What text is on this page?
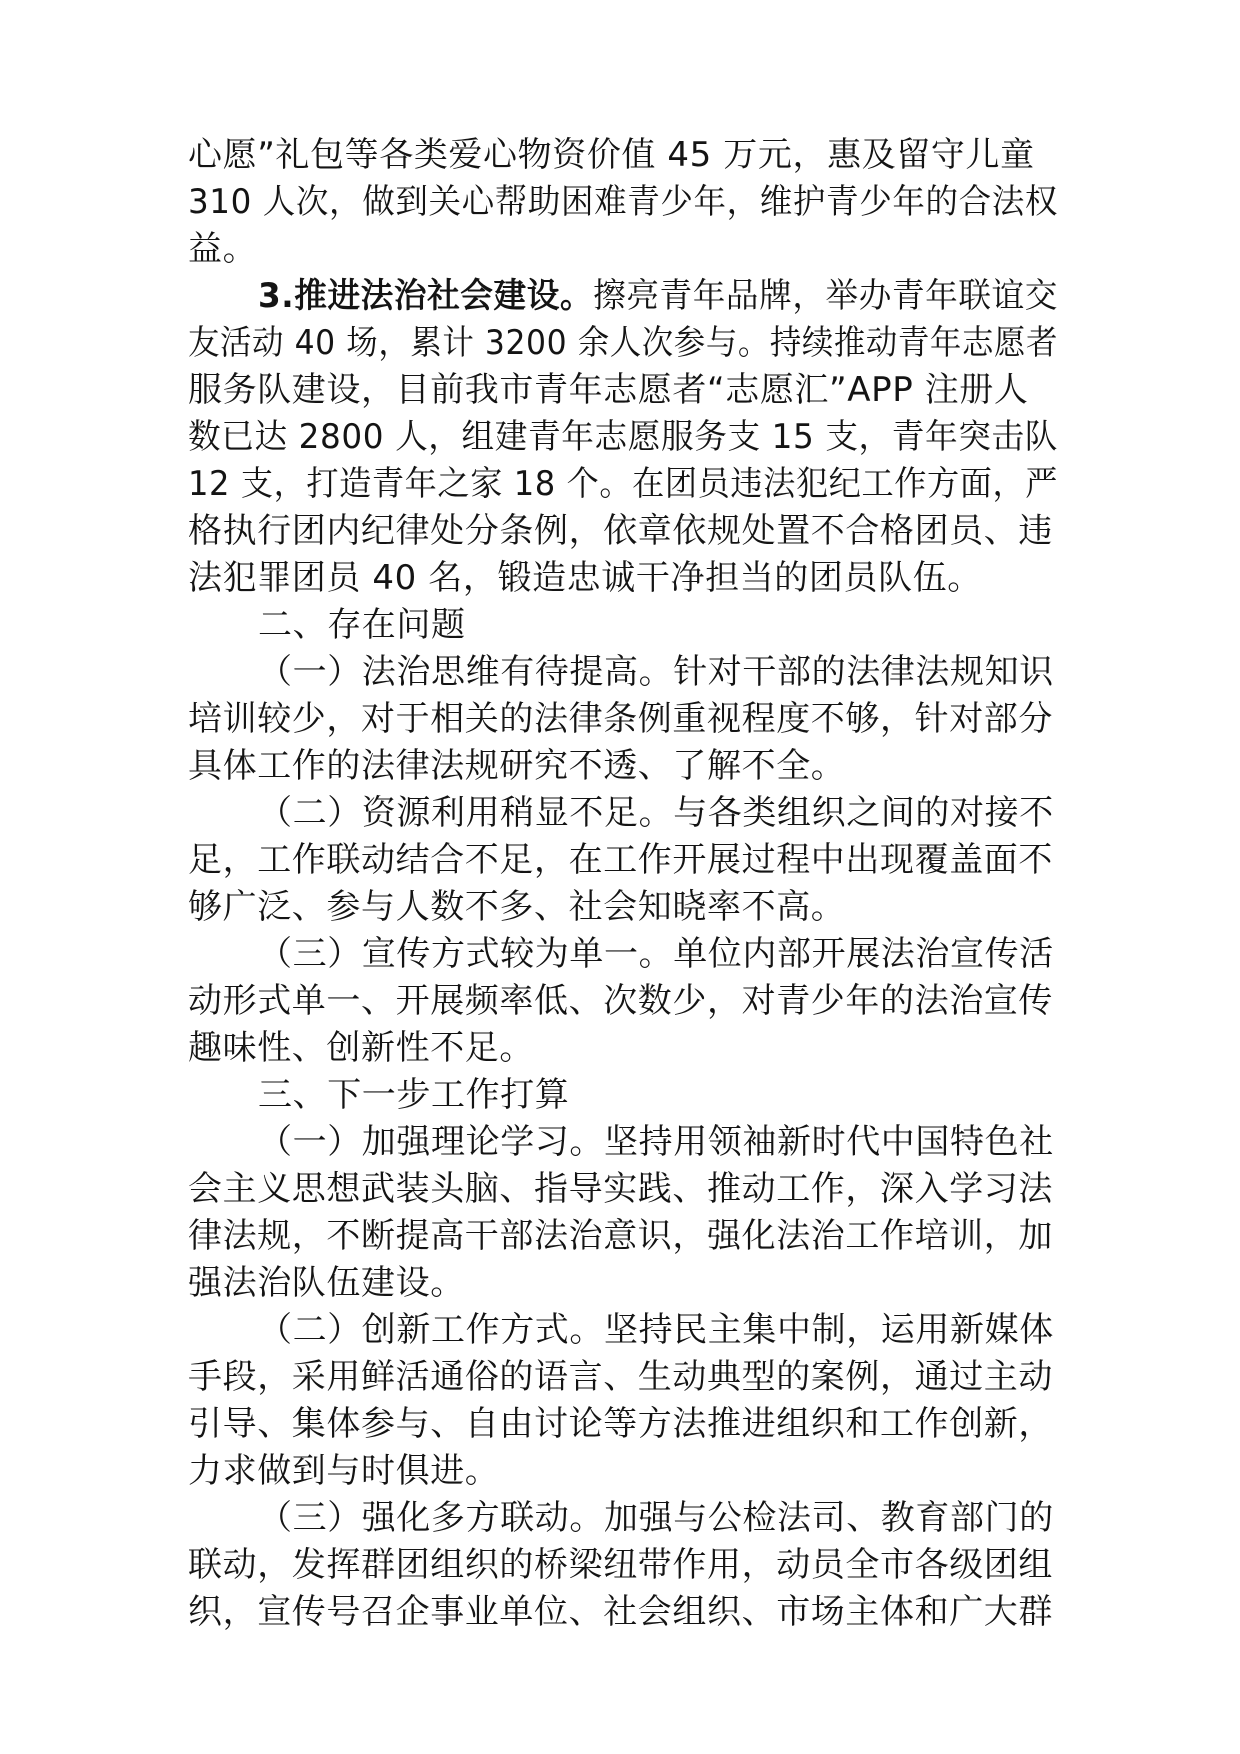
心愿”礼包等各类爱心物资价值 45 万元，惠及留守儿童
310 人次，做到关心帮助困难青少年，维护青少年的合法权
益。
3.推进法治社会建设。擦亮青年品牌，举办青年联谊交
友活动 40 场，累计 3200 余人次参与。持续推动青年志愿者
服务队建设，目前我市青年志愿者“志愿汇”APP 注册人
数已达 2800 人，组建青年志愿服务支 15 支，青年突击队
12 支，打造青年之家 18 个。在团员违法犯纪工作方面，严
格执行团内纪律处分条例，依章依规处置不合格团员、违
法犯罪团员 40 名，锻造忠诚干净担当的团员队伍。
二、存在问题
（一）法治思维有待提高。针对干部的法律法规知识
培训较少，对于相关的法律条例重视程度不够，针对部分
具体工作的法律法规研究不透、了解不全。
（二）资源利用稍显不足。与各类组织之间的对接不
足，工作联动结合不足，在工作开展过程中出现覆盖面不
够广泛、参与人数不多、社会知晓率不高。
（三）宣传方式较为单一。单位内部开展法治宣传活
动形式单一、开展频率低、次数少，对青少年的法治宣传
趣味性、创新性不足。
三、下一步工作打算
（一）加强理论学习。坚持用领袖新时代中国特色社
会主义思想武装头脑、指导实践、推动工作，深入学习法
律法规，不断提高干部法治意识，强化法治工作培训，加
强法治队伍建设。
（二）创新工作方式。坚持民主集中制，运用新媒体
手段，采用鲜活通俗的语言、生动典型的案例，通过主动
引导、集体参与、自由讨论等方法推进组织和工作创新，
力求做到与时俱进。
（三）强化多方联动。加强与公检法司、教育部门的
联动，发挥群团组织的桥梁纽带作用，动员全市各级团组
织，宣传号召企事业单位、社会组织、市场主体和广大群
